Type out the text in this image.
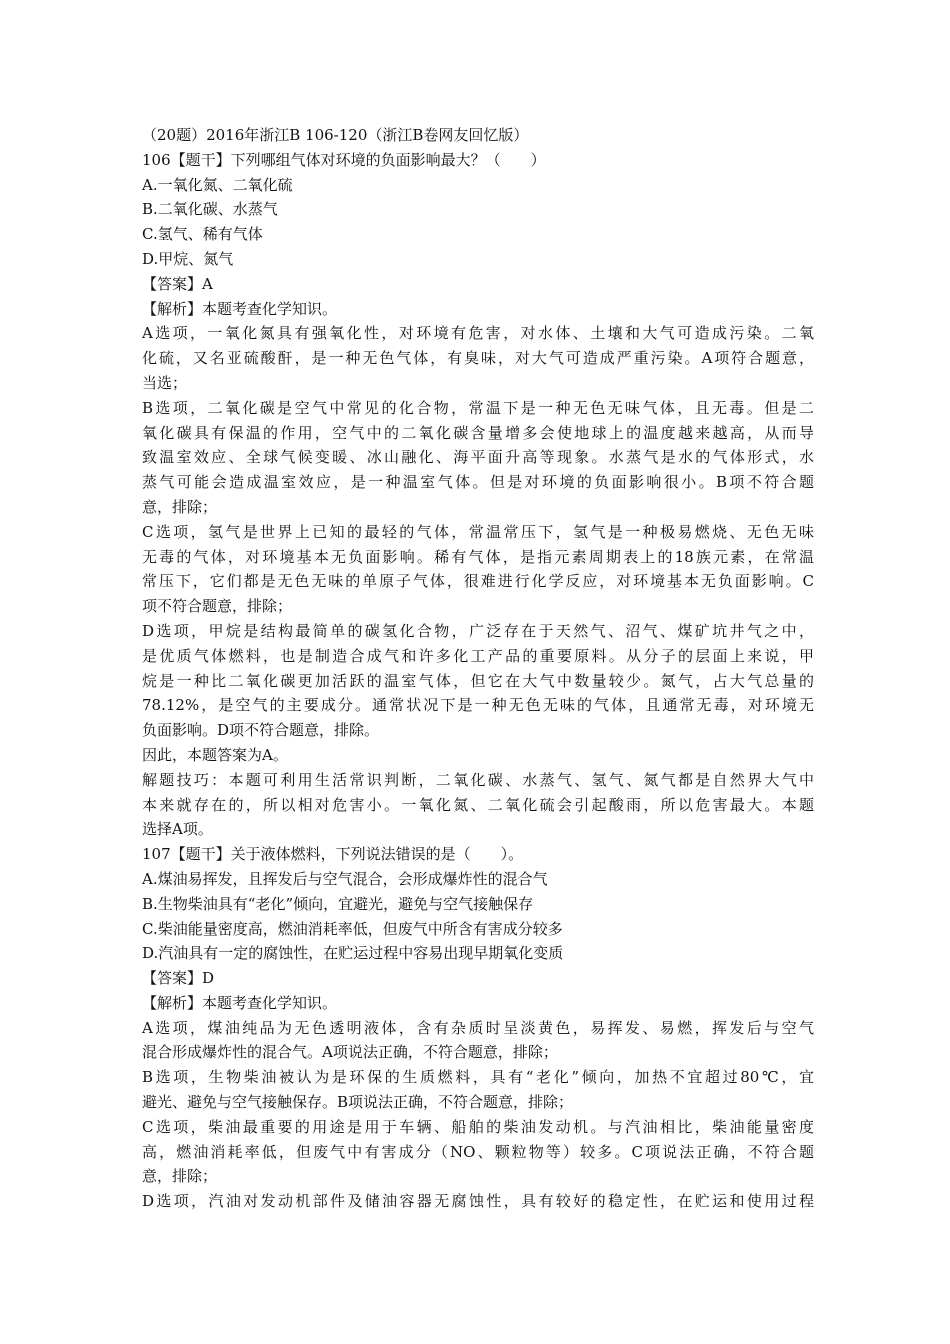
（20题）2016年浙江B 106-120（浙江B卷网友回忆版）
106【题干】下列哪组气体对环境的负面影响最大？（　　）
A.一氧化氮、二氧化硫
B.二氧化碳、水蒸气
C.氢气、稀有气体
D.甲烷、氮气
【答案】A
【解析】本题考查化学知识。
A选项，一氧化氮具有强氧化性，对环境有危害，对水体、土壤和大气可造成污染。二氧
化硫，又名亚硫酸酐，是一种无色气体，有臭味，对大气可造成严重污染。A项符合题意，
当选；
B选项，二氧化碳是空气中常见的化合物，常温下是一种无色无味气体，且无毒。但是二
氧化碳具有保温的作用，空气中的二氧化碳含量增多会使地球上的温度越来越高，从而导
致温室效应、全球气候变暖、冰山融化、海平面升高等现象。水蒸气是水的气体形式，水
蒸气可能会造成温室效应，是一种温室气体。但是对环境的负面影响很小。B项不符合题
意，排除；
C选项，氢气是世界上已知的最轻的气体，常温常压下，氢气是一种极易燃烧、无色无味
无毒的气体，对环境基本无负面影响。稀有气体，是指元素周期表上的18族元素，在常温
常压下，它们都是无色无味的单原子气体，很难进行化学反应，对环境基本无负面影响。C
项不符合题意，排除；
D选项，甲烷是结构最简单的碳氢化合物，广泛存在于天然气、沼气、煤矿坑井气之中，
是优质气体燃料，也是制造合成气和许多化工产品的重要原料。从分子的层面上来说，甲
烷是一种比二氧化碳更加活跃的温室气体，但它在大气中数量较少。氮气，占大气总量的
78.12%，是空气的主要成分。通常状况下是一种无色无味的气体，且通常无毒，对环境无
负面影响。D项不符合题意，排除。
因此，本题答案为A。
解题技巧：本题可利用生活常识判断，二氧化碳、水蒸气、氢气、氮气都是自然界大气中
本来就存在的，所以相对危害小。一氧化氮、二氧化硫会引起酸雨，所以危害最大。本题
选择A项。
107【题干】关于液体燃料，下列说法错误的是（　　）。
A.煤油易挥发，且挥发后与空气混合，会形成爆炸性的混合气
B.生物柴油具有“老化”倾向，宜避光，避免与空气接触保存
C.柴油能量密度高，燃油消耗率低，但废气中所含有害成分较多
D.汽油具有一定的腐蚀性，在贮运过程中容易出现早期氧化变质
【答案】D
【解析】本题考查化学知识。
A选项，煤油纯品为无色透明液体，含有杂质时呈淡黄色，易挥发、易燃，挥发后与空气
混合形成爆炸性的混合气。A项说法正确，不符合题意，排除；
B选项，生物柴油被认为是环保的生质燃料，具有“老化”倾向，加热不宜超过80℃，宜
避光、避免与空气接触保存。B项说法正确，不符合题意，排除；
C选项，柴油最重要的用途是用于车辆、船舶的柴油发动机。与汽油相比，柴油能量密度
高，燃油消耗率低，但废气中有害成分（NO、颗粒物等）较多。C项说法正确，不符合题
意，排除；
D选项，汽油对发动机部件及储油容器无腐蚀性，具有较好的稳定性，在贮运和使用过程
